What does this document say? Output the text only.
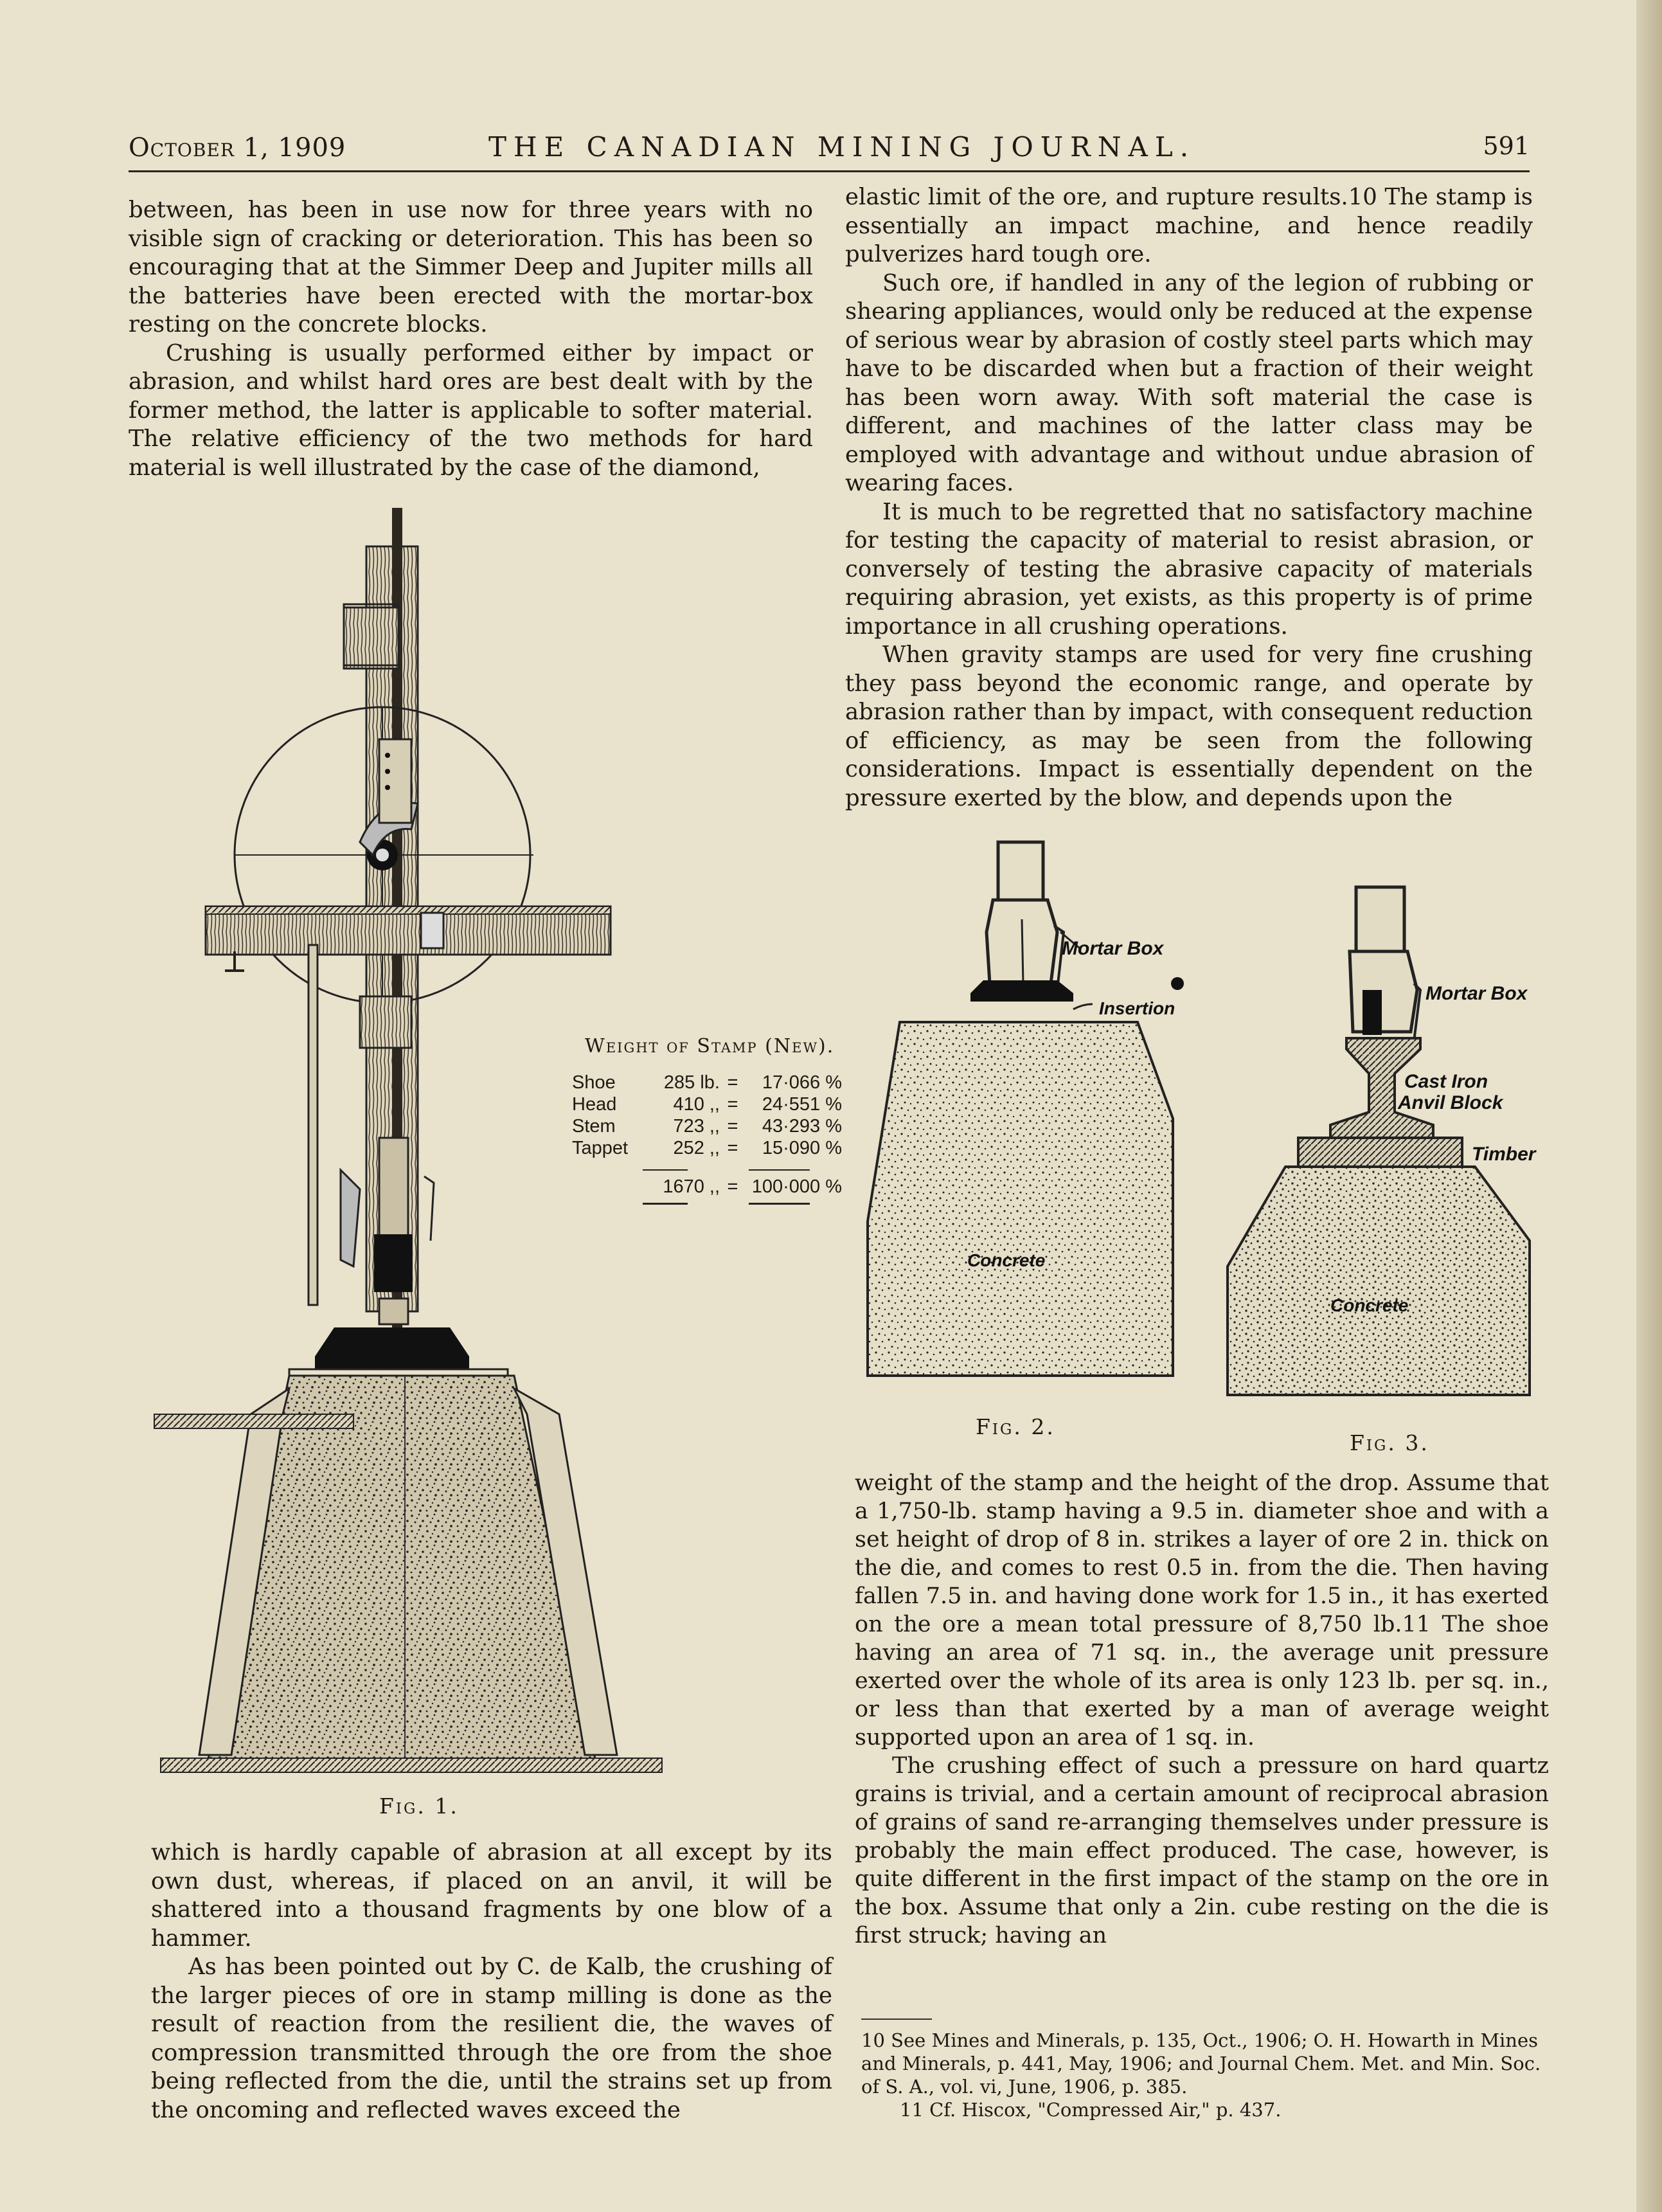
October 1, 1909	THE CANADIAN MINING JOURNAL.	591

between, has been in use now for three years with no visible sign of cracking or deterioration. This has been so encouraging that at the Simmer Deep and Jupiter mills all the batteries have been erected with the mortar-box resting on the concrete blocks.

Crushing is usually performed either by impact or abrasion, and whilst hard ores are best dealt with by the former method, the latter is applicable to softer material. The relative efficiency of the two methods for hard material is well illustrated by the case of the diamond,

elastic limit of the ore, and rupture results.10 The stamp is essentially an impact machine, and hence readily pulverizes hard tough ore.

Such ore, if handled in any of the legion of rubbing or shearing appliances, would only be reduced at the expense of serious wear by abrasion of costly steel parts which may have to be discarded when but a fraction of their weight has been worn away. With soft material the case is different, and machines of the latter class may be employed with advantage and without undue abrasion of wearing faces.

It is much to be regretted that no satisfactory machine for testing the capacity of material to resist abrasion, or conversely of testing the abrasive capacity of materials requiring abrasion, yet exists, as this property is of prime importance in all crushing operations.

When gravity stamps are used for very fine crushing they pass beyond the economic range, and operate by abrasion rather than by impact, with consequent reduction of efficiency, as may be seen from the following considerations. Impact is essentially dependent on the pressure exerted by the blow, and depends upon the

Fig. 1.
Weight of Stamp (New).
Shoe	285 lb. =	17·066 %
Head	410 ,, =	24·551 %
Stem	723 ,, =	43·293 %
Tappet	252 ,, =	15·090 %
1670 ,, = 100·000 %
Mortar Box
Insertion
Concrete
Fig. 2.
Mortar Box
Cast Iron
Anvil Block
Timber
Concrete
Fig. 3.

which is hardly capable of abrasion at all except by its own dust, whereas, if placed on an anvil, it will be shattered into a thousand fragments by one blow of a hammer.

As has been pointed out by C. de Kalb, the crushing of the larger pieces of ore in stamp milling is done as the result of reaction from the resilient die, the waves of compression transmitted through the ore from the shoe being reflected from the die, until the strains set up from the oncoming and reflected waves exceed the

weight of the stamp and the height of the drop. Assume that a 1,750-lb. stamp having a 9.5 in. diameter shoe and with a set height of drop of 8 in. strikes a layer of ore 2 in. thick on the die, and comes to rest 0.5 in. from the die. Then having fallen 7.5 in. and having done work for 1.5 in., it has exerted on the ore a mean total pressure of 8,750 lb.11 The shoe having an area of 71 sq. in., the average unit pressure exerted over the whole of its area is only 123 lb. per sq. in., or less than that exerted by a man of average weight supported upon an area of 1 sq. in.

The crushing effect of such a pressure on hard quartz grains is trivial, and a certain amount of reciprocal abrasion of grains of sand re-arranging themselves under pressure is probably the main effect produced. The case, however, is quite different in the first impact of the stamp on the ore in the box. Assume that only a 2in. cube resting on the die is first struck; having an

10 See Mines and Minerals, p. 135, Oct., 1906; O. H. Howarth in Mines and Minerals, p. 441, May, 1906; and Journal Chem. Met. and Min. Soc. of S. A., vol. vi, June, 1906, p. 385.

11 Cf. Hiscox, "Compressed Air," p. 437.
